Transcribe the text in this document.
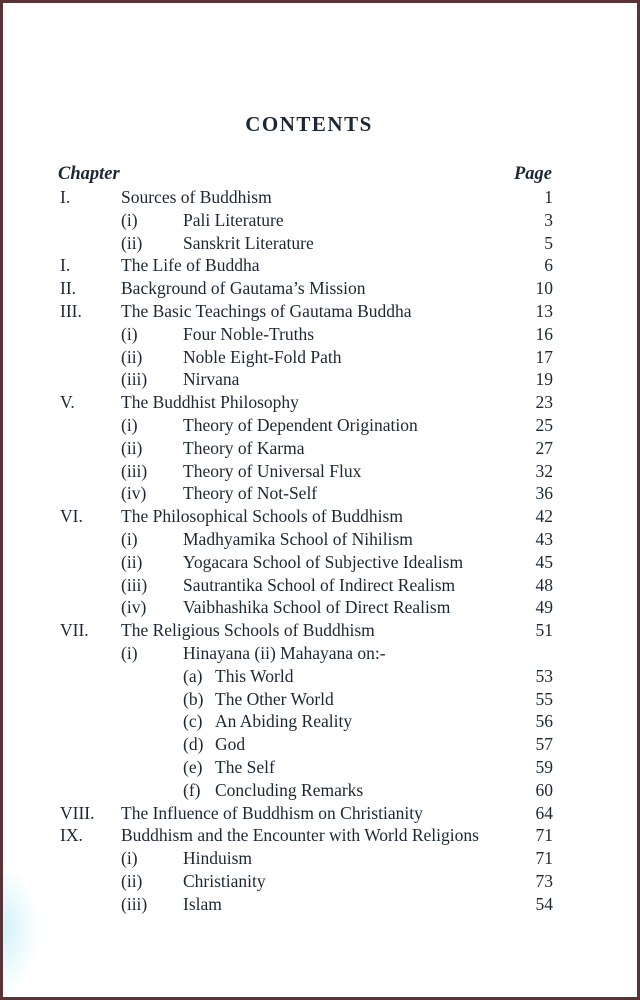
CONTENTS
Chapter	Page
I.	Sources of Buddhism	1
(i)	Pali Literature	3
(ii) Sanskrit Literature	5
I.	The Life of Buddha	6
II.	Background of Gautama’s Mission	10
III. The Basic Teachings of Gautama Buddha	13
(i)	Four Noble-Truths	16
(ii) Noble Eight-Fold Path	17
(iii) Nirvana	19
V.	The Buddhist Philosophy	23
(i)	Theory of Dependent Origination	25
(ii) Theory of Karma	27
(iii) Theory of Universal Flux	32
(iv) Theory of Not-Self	36
VI. The Philosophical Schools of Buddhism	42
(i)	Madhyamika School of Nihilism	43
(ii) Yogacara School of Subjective Idealism	45
(iii) Sautrantika School of Indirect Realism	48
(iv) Vaibhashika School of Direct Realism	49
VII. The Religious Schools of Buddhism	51
(i)	Hinayana (ii) Mahayana on:-
(a) This World	53
(b) The Other World	55
(c) An Abiding Reality	56
(d) God	57
(e) The Self	59
(f) Concluding Remarks	60
VIII. The Influence of Buddhism on Christianity	64
IX. Buddhism and the Encounter with World Religions	71
(i)	Hinduism	71
(ii) Christianity	73
(iii) Islam	54
